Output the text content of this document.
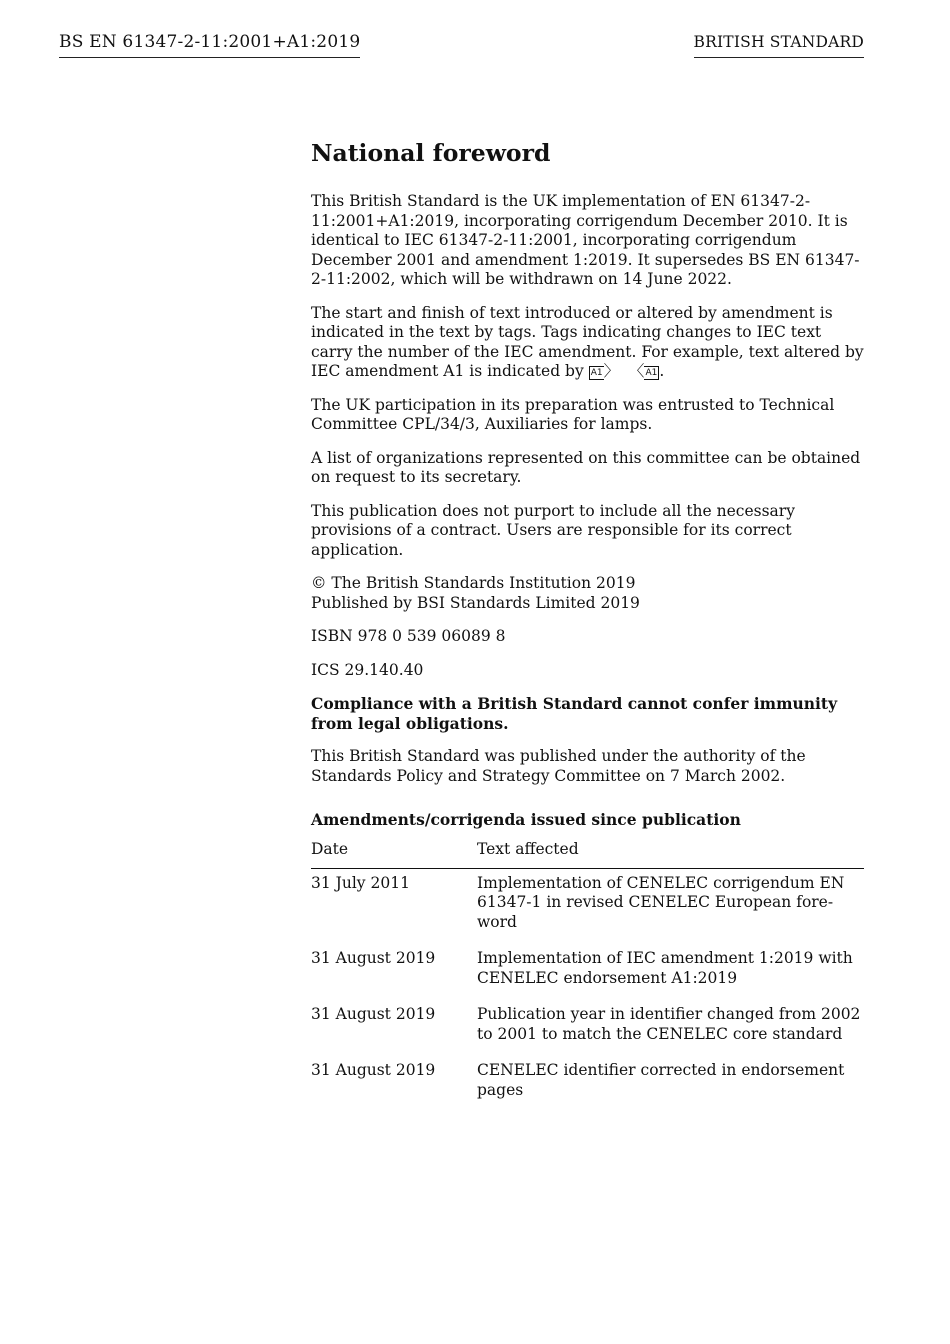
BS EN 61347-2-11:2001+A1:2019	BRITISH STANDARD
National foreword

This British Standard is the UK implementation of EN 61347-2-11:2001+A1:2019, incorporating corrigendum December 2010. It is identical to IEC 61347-2-11:2001, incorporating corrigendum December 2001 and amendment 1:2019. It supersedes BS EN 61347-2-11:2002, which will be withdrawn on 14 June 2022.

The start and finish of text introduced or altered by amendment is indicated in the text by tags. Tags indicating changes to IEC text carry the number of the IEC amendment. For example, text altered by IEC amendment A1 is indicated by A1〉  〈A1 .

The UK participation in its preparation was entrusted to Technical Committee CPL/34/3, Auxiliaries for lamps.

A list of organizations represented on this committee can be obtained on request to its secretary.

This publication does not purport to include all the necessary provisions of a contract. Users are responsible for its correct application.

© The British Standards Institution 2019
Published by BSI Standards Limited 2019

ISBN 978 0 539 06089 8

ICS 29.140.40

Compliance with a British Standard cannot confer immunity from legal obligations.

This British Standard was published under the authority of the Standards Policy and Strategy Committee on 7 March 2002.

Amendments/corrigenda issued since publication
Date	Text affected
31 July 2011	Implementation of CENELEC corrigendum EN 61347-1 in revised CENELEC European fore- word
31 August 2019	Implementation of IEC amendment 1:2019 with CENELEC endorsement A1:2019
31 August 2019	Publication year in identifier changed from 2002 to 2001 to match the CENELEC core standard
31 August 2019	CENELEC identifier corrected in endorsement pages
